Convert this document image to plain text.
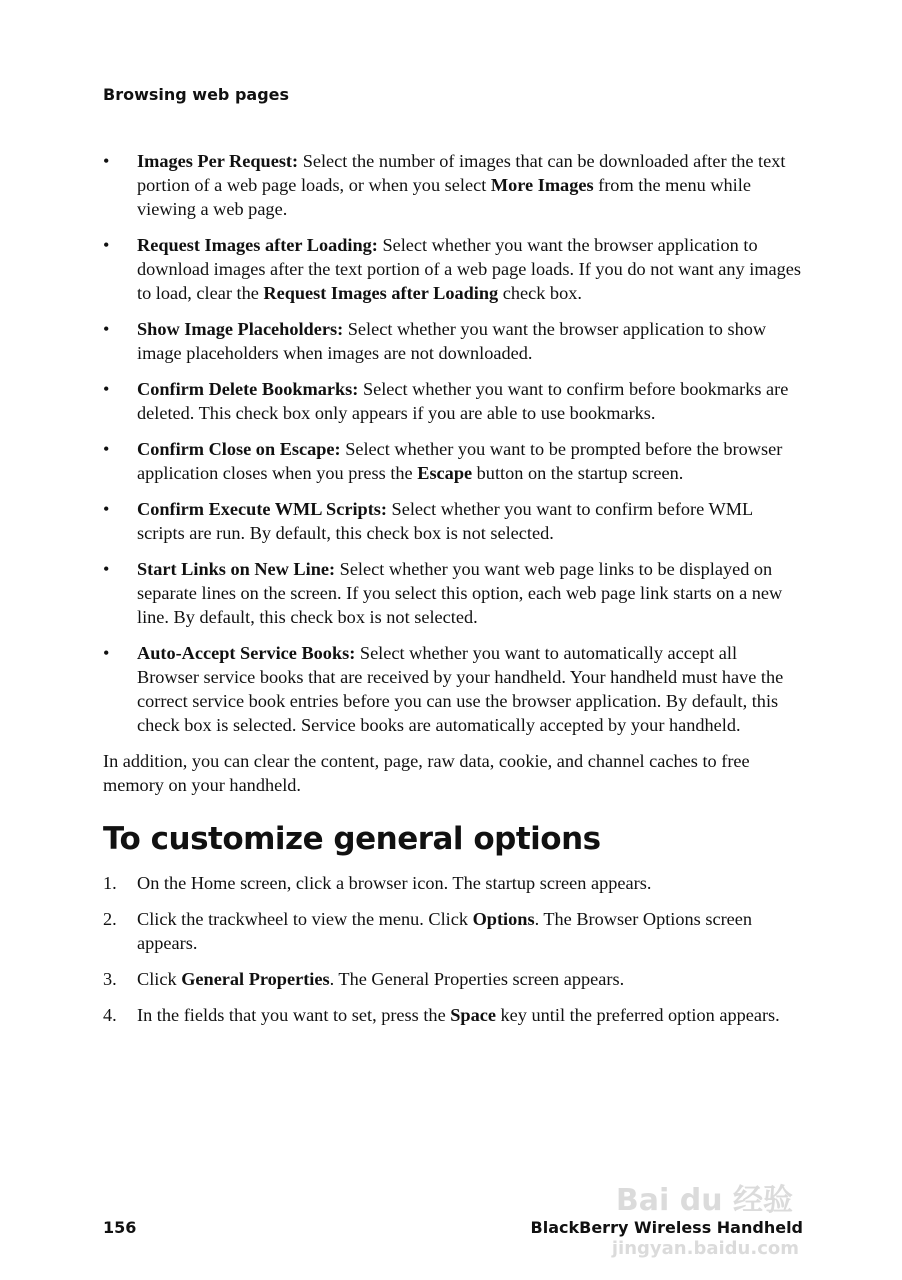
Browsing web pages
• Images Per Request: Select the number of images that can be downloaded after the text portion of a web page loads, or when you select More Images from the menu while viewing a web page.
• Request Images after Loading: Select whether you want the browser application to download images after the text portion of a web page loads. If you do not want any images to load, clear the Request Images after Loading check box.
• Show Image Placeholders: Select whether you want the browser application to show image placeholders when images are not downloaded.
• Confirm Delete Bookmarks: Select whether you want to confirm before bookmarks are deleted. This check box only appears if you are able to use bookmarks.
• Confirm Close on Escape: Select whether you want to be prompted before the browser application closes when you press the Escape button on the startup screen.
• Confirm Execute WML Scripts: Select whether you want to confirm before WML scripts are run. By default, this check box is not selected.
• Start Links on New Line: Select whether you want web page links to be displayed on separate lines on the screen. If you select this option, each web page link starts on a new line. By default, this check box is not selected.
• Auto-Accept Service Books: Select whether you want to automatically accept all Browser service books that are received by your handheld. Your handheld must have the correct service book entries before you can use the browser application. By default, this check box is selected. Service books are automatically accepted by your handheld.

In addition, you can clear the content, page, raw data, cookie, and channel caches to free memory on your handheld.

To customize general options
1. On the Home screen, click a browser icon. The startup screen appears.
2. Click the trackwheel to view the menu. Click Options. The Browser Options screen appears.
3. Click General Properties. The General Properties screen appears.
4. In the fields that you want to set, press the Space key until the preferred option appears.
Bai du 经验
156	BlackBerry Wireless Handheld
jingyan.baidu.com
